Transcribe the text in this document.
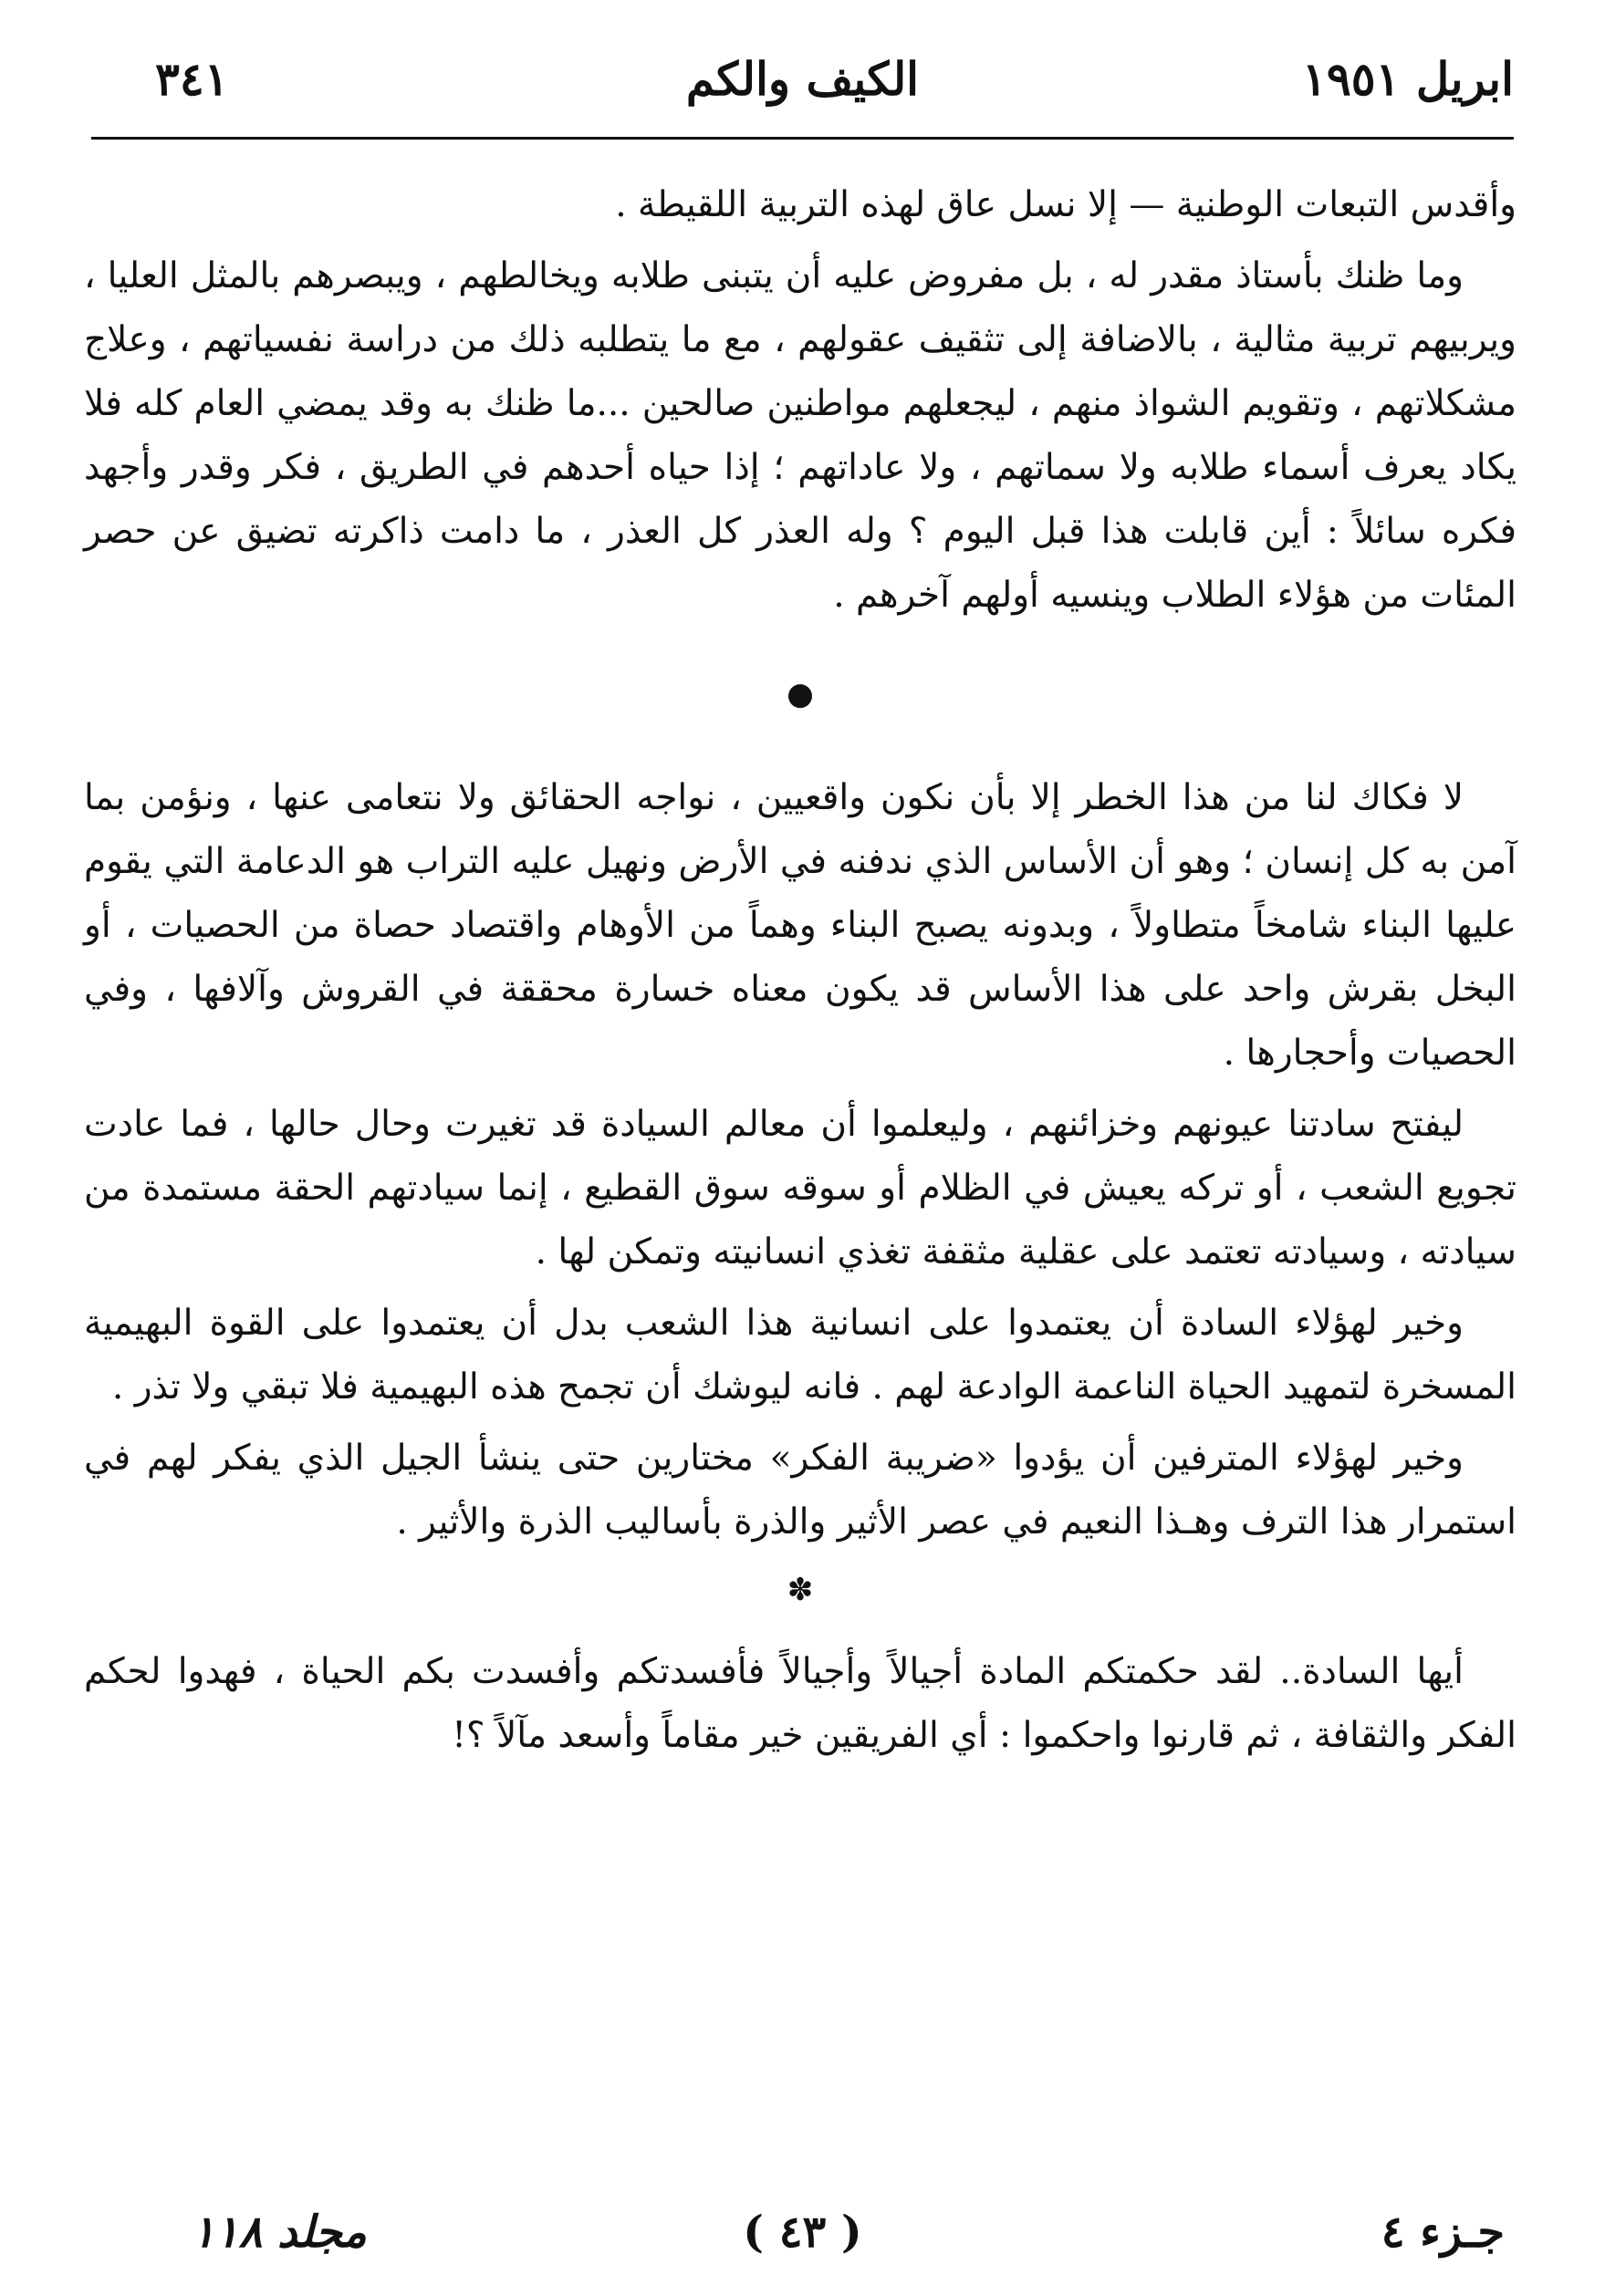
ابريل ١٩٥١
الكيف والكم
٣٤١

وأقدس التبعات الوطنية — إلا نسل عاق لهذه التربية اللقيطة .

وما ظنك بأستاذ مقدر له ، بل مفروض عليه أن يتبنى طلابه ويخالطهم ، ويبصرهم بالمثل العليا ، ويربيهم تربية مثالية ، بالاضافة إلى تثقيف عقولهم ، مع ما يتطلبه ذلك من دراسة نفسياتهم ، وعلاج مشكلاتهم ، وتقويم الشواذ منهم ، ليجعلهم مواطنين صالحين ...ما ظنك به وقد يمضي العام كله فلا يكاد يعرف أسماء طلابه ولا سماتهم ، ولا عاداتهم ؛ إذا حياه أحدهم في الطريق ، فكر وقدر وأجهد فكره سائلاً : أين قابلت هذا قبل اليوم ؟ وله العذر كل العذر ، ما دامت ذاكرته تضيق عن حصر المئات من هؤلاء الطلاب وينسيه أولهم آخرهم .

●

لا فكاك لنا من هذا الخطر إلا بأن نكون واقعيين ، نواجه الحقائق ولا نتعامى عنها ، ونؤمن بما آمن به كل إنسان ؛ وهو أن الأساس الذي ندفنه في الأرض ونهيل عليه التراب هو الدعامة التي يقوم عليها البناء شامخاً متطاولاً ، وبدونه يصبح البناء وهماً من الأوهام واقتصاد حصاة من الحصيات ، أو البخل بقرش واحد على هذا الأساس قد يكون معناه خسارة محققة في القروش وآلافها ، وفي الحصيات وأحجارها .

ليفتح سادتنا عيونهم وخزائنهم ، وليعلموا أن معالم السيادة قد تغيرت وحال حالها ، فما عادت تجويع الشعب ، أو تركه يعيش في الظلام أو سوقه سوق القطيع ، إنما سيادتهم الحقة مستمدة من سيادته ، وسيادته تعتمد على عقلية مثقفة تغذي انسانيته وتمكن لها .

وخير لهؤلاء السادة أن يعتمدوا على انسانية هذا الشعب بدل أن يعتمدوا على القوة البهيمية المسخرة لتمهيد الحياة الناعمة الوادعة لهم . فانه ليوشك أن تجمح هذه البهيمية فلا تبقي ولا تذر .

وخير لهؤلاء المترفين أن يؤدوا «ضريبة الفكر» مختارين حتى ينشأ الجيل الذي يفكر لهم في استمرار هذا الترف وهـذا النعيم في عصر الأثير والذرة بأساليب الذرة والأثير .

✽

أيها السادة.. لقد حكمتكم المادة أجيالاً وأجيالاً فأفسدتكم وأفسدت بكم الحياة ، فهدوا لحكم الفكر والثقافة ، ثم قارنوا واحكموا : أي الفريقين خير مقاماً وأسعد مآلاً ؟!

جـزء ٤
( ٤٣ )
مجلد ١١٨
